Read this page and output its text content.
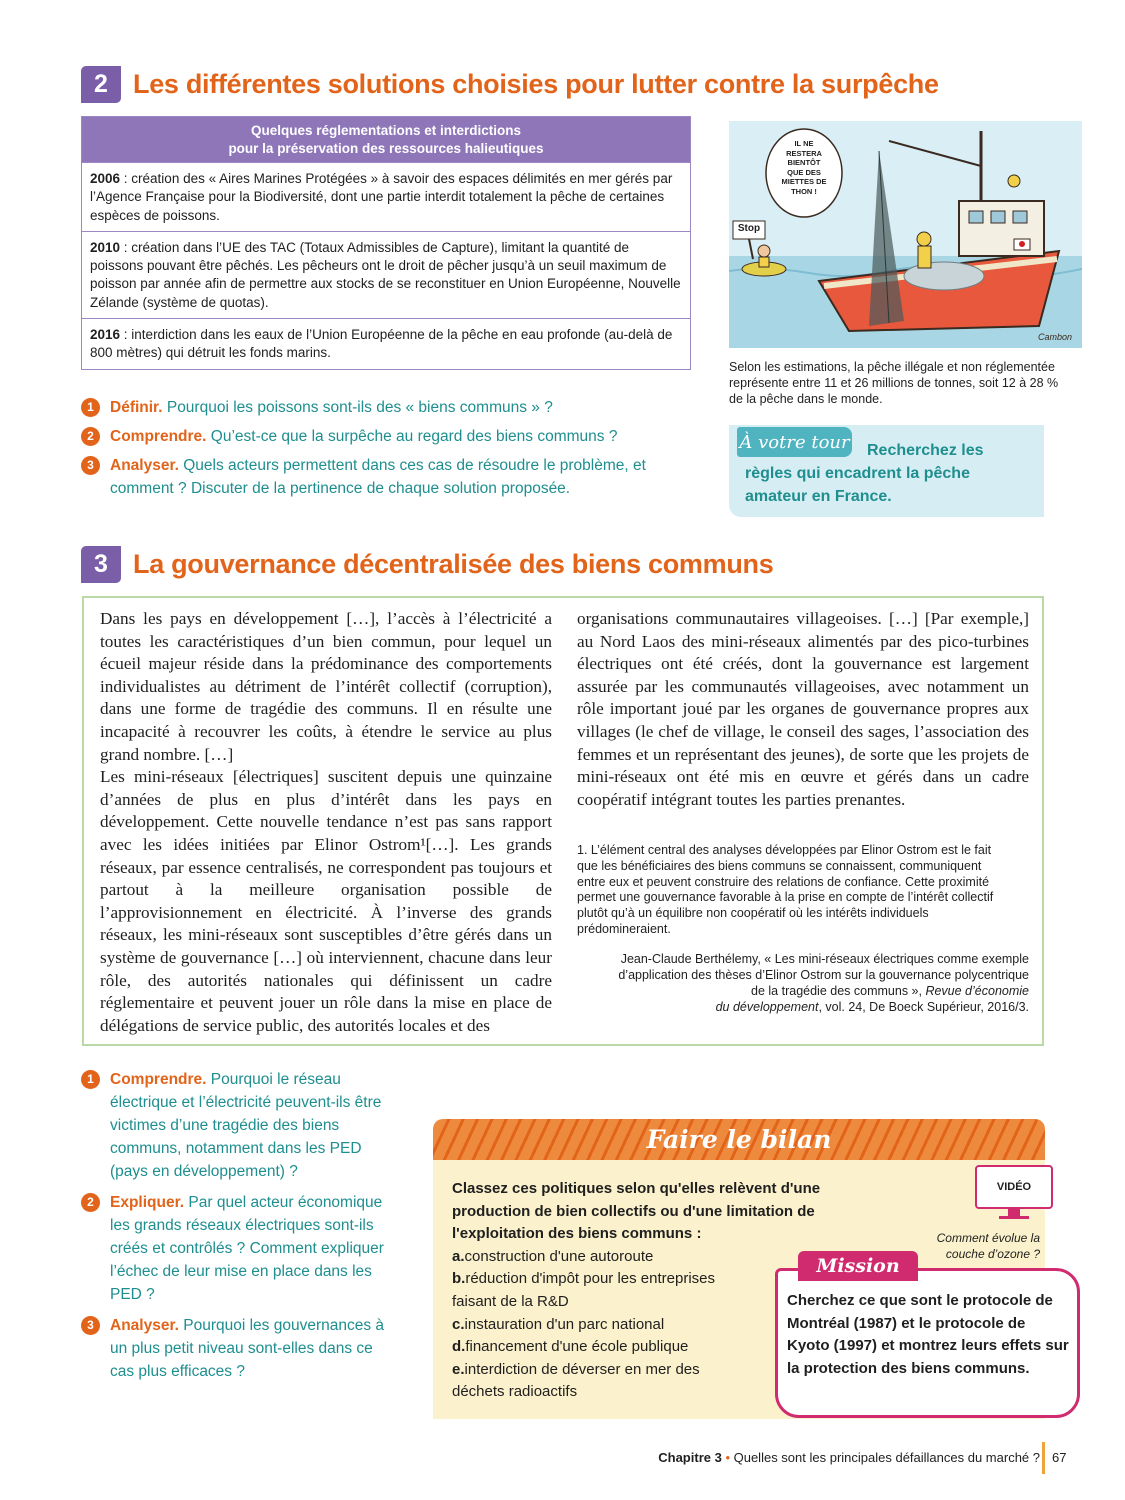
2 Les différentes solutions choisies pour lutter contre la surpêche
Quelques réglementations et interdictions
pour la préservation des ressources halieutiques
2006 : création des « Aires Marines Protégées » à savoir des espaces délimités en mer gérés par l’Agence Française pour la Biodiversité, dont une partie interdit totalement la pêche de certaines espèces de poissons.
2010 : création dans l’UE des TAC (Totaux Admissibles de Capture), limitant la quantité de poissons pouvant être pêchés. Les pêcheurs ont le droit de pêcher jusqu’à un seuil maximum de poisson par année afin de permettre aux stocks de se reconstituer en Union Européenne, Nouvelle Zélande (système de quotas).
2016 : interdiction dans les eaux de l’Union Européenne de la pêche en eau profonde (au-delà de 800 mètres) qui détruit les fonds marins.
1	Définir. Pourquoi les poissons sont-ils des « biens communs » ?
2	Comprendre. Qu’est-ce que la surpêche au regard des biens communs ?
3	Analyser. Quels acteurs permettent dans ces cas de résoudre le problème, et comment ? Discuter de la pertinence de chaque solution proposée.
Stop
IL NE
RESTERA
BIENTÔT
QUE DES
MIETTES DE
THON !
Cambon
Selon les estimations, la pêche illégale et non réglementée représente entre 11 et 26 millions de tonnes, soit 12 à 28 % de la pêche dans le monde.
Recherchez les règles qui encadrent la pêche amateur en France.
À votre tour
3 La gouvernance décentralisée des biens communs

Dans les pays en développement […], l’accès à l’électricité a toutes les caractéristiques d’un bien commun, pour lequel un écueil majeur réside dans la prédominance des comportements individualistes au détriment de l’intérêt collectif (corruption), dans une forme de tragédie des communs. Il en résulte une incapacité à recouvrer les coûts, à étendre le service au plus grand nombre. […]

Les mini-réseaux [électriques] suscitent depuis une quinzaine d’années de plus en plus d’intérêt dans les pays en développement. Cette nouvelle tendance n’est pas sans rapport avec les idées initiées par Elinor Ostrom¹[…]. Les grands réseaux, par essence centralisés, ne correspondent pas toujours et partout à la meilleure organisation possible de l’approvisionnement en électricité. À l’inverse des grands réseaux, les mini-réseaux sont susceptibles d’être gérés dans un système de gouvernance […] où interviennent, chacune dans leur rôle, des autorités nationales qui définissent un cadre réglementaire et peuvent jouer un rôle dans la mise en place de délégations de service public, des autorités locales et des

organisations communautaires villageoises. […] [Par exemple,] au Nord Laos des mini-réseaux alimentés par des pico-turbines électriques ont été créés, dont la gouvernance est largement assurée par les communautés villageoises, avec notamment un rôle important joué par les organes de gouvernance propres aux villages (le chef de village, le conseil des sages, l’association des femmes et un représentant des jeunes), de sorte que les projets de mini-réseaux ont été mis en œuvre et gérés dans un cadre coopératif intégrant toutes les parties prenantes.

1. L’élément central des analyses développées par Elinor Ostrom est le fait que les bénéficiaires des biens communs se connaissent, communiquent entre eux et peuvent construire des relations de confiance. Cette proximité permet une gouvernance favorable à la prise en compte de l’intérêt collectif plutôt qu’à un équilibre non coopératif où les intérêts individuels prédomineraient.
Jean-Claude Berthélemy, « Les mini-réseaux électriques comme exemple
d’application des thèses d’Elinor Ostrom sur la gouvernance polycentrique
de la tragédie des communs », Revue d’économie
du développement, vol. 24, De Boeck Supérieur, 2016/3.
1	Comprendre. Pourquoi le réseau électrique et l’électricité peuvent-ils être victimes d’une tragédie des biens communs, notamment dans les PED (pays en développement) ?
2	Expliquer. Par quel acteur économique les grands réseaux électriques sont-ils créés et contrôlés ? Comment expliquer l’échec de leur mise en place dans les PED ?
3	Analyser. Pourquoi les gouvernances à un plus petit niveau sont-elles dans ce cas plus efficaces ?
Faire le bilan
Classez ces politiques selon qu'elles relèvent d'une production de bien collectifs ou d'une limitation de l'exploitation des biens communs :
a.construction d'une autoroute
b.réduction d'impôt pour les entreprises faisant de la R&D
c.instauration d'un parc national
d.financement d'une école publique
e.interdiction de déverser en mer des déchets radioactifs
VIDÉO
Comment évolue la couche d’ozone ?
Mission
Cherchez ce que sont le protocole de Montréal (1987) et le protocole de Kyoto (1997) et montrez leurs effets sur la protection des biens communs.
Chapitre 3 • Quelles sont les principales défaillances du marché ? 67
